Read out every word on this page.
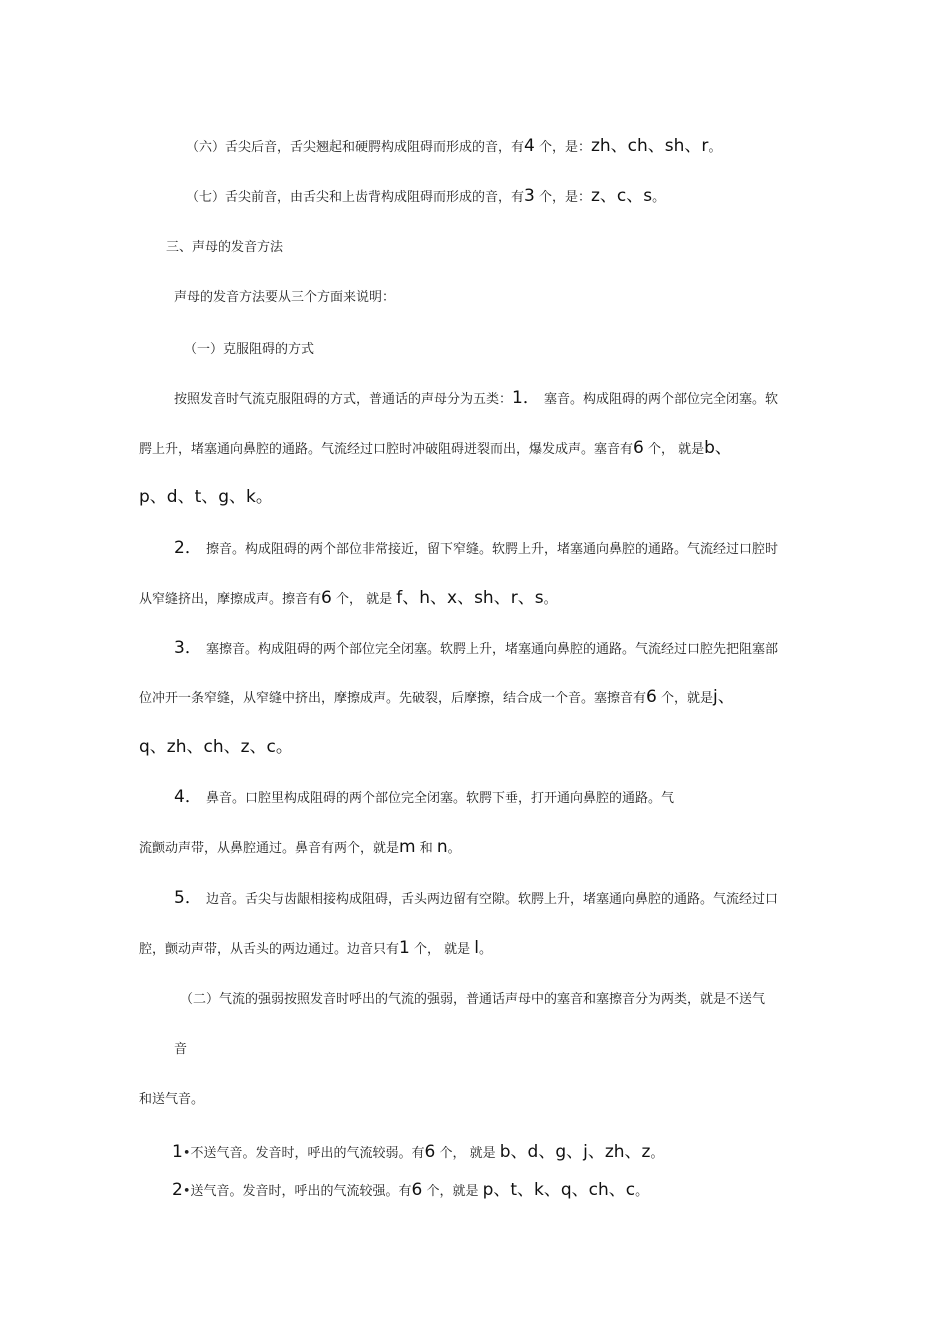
（六）舌尖后音，舌尖翘起和硬腭构成阻碍而形成的音，有4 个，是：zh、ch、sh、r。
（七）舌尖前音，由舌尖和上齿背构成阻碍而形成的音，有3 个，是：z、c、s。
三、声母的发音方法
声母的发音方法要从三个方面来说明：
（一）克服阻碍的方式
按照发音时气流克服阻碍的方式，普通话的声母分为五类：1． 塞音。构成阻碍的两个部位完全闭塞。软
腭上升，堵塞通向鼻腔的通路。气流经过口腔时冲破阻碍迸裂而出，爆发成声。塞音有6 个， 就是b、
p、d、t、g、k。
2． 擦音。构成阻碍的两个部位非常接近，留下窄缝。软腭上升，堵塞通向鼻腔的通路。气流经过口腔时
从窄缝挤出，摩擦成声。擦音有6 个， 就是 f、h、x、sh、r、s。
3． 塞擦音。构成阻碍的两个部位完全闭塞。软腭上升，堵塞通向鼻腔的通路。气流经过口腔先把阻塞部
位冲开一条窄缝，从窄缝中挤出，摩擦成声。先破裂，后摩擦，结合成一个音。塞擦音有6 个，就是j、
q、zh、ch、z、c。
4． 鼻音。口腔里构成阻碍的两个部位完全闭塞。软腭下垂，打开通向鼻腔的通路。气
流颤动声带，从鼻腔通过。鼻音有两个，就是m 和 n。
5． 边音。舌尖与齿龈相接构成阻碍，舌头两边留有空隙。软腭上升，堵塞通向鼻腔的通路。气流经过口
腔，颤动声带，从舌头的两边通过。边音只有1 个， 就是 l。
（二）气流的强弱按照发音时呼出的气流的强弱，普通话声母中的塞音和塞擦音分为两类，就是不送气
音
和送气音。
1•不送气音。发音时，呼出的气流较弱。有6 个， 就是 b、d、g、j、zh、z。
2•送气音。发音时，呼出的气流较强。有6 个，就是 p、t、k、q、ch、c。
